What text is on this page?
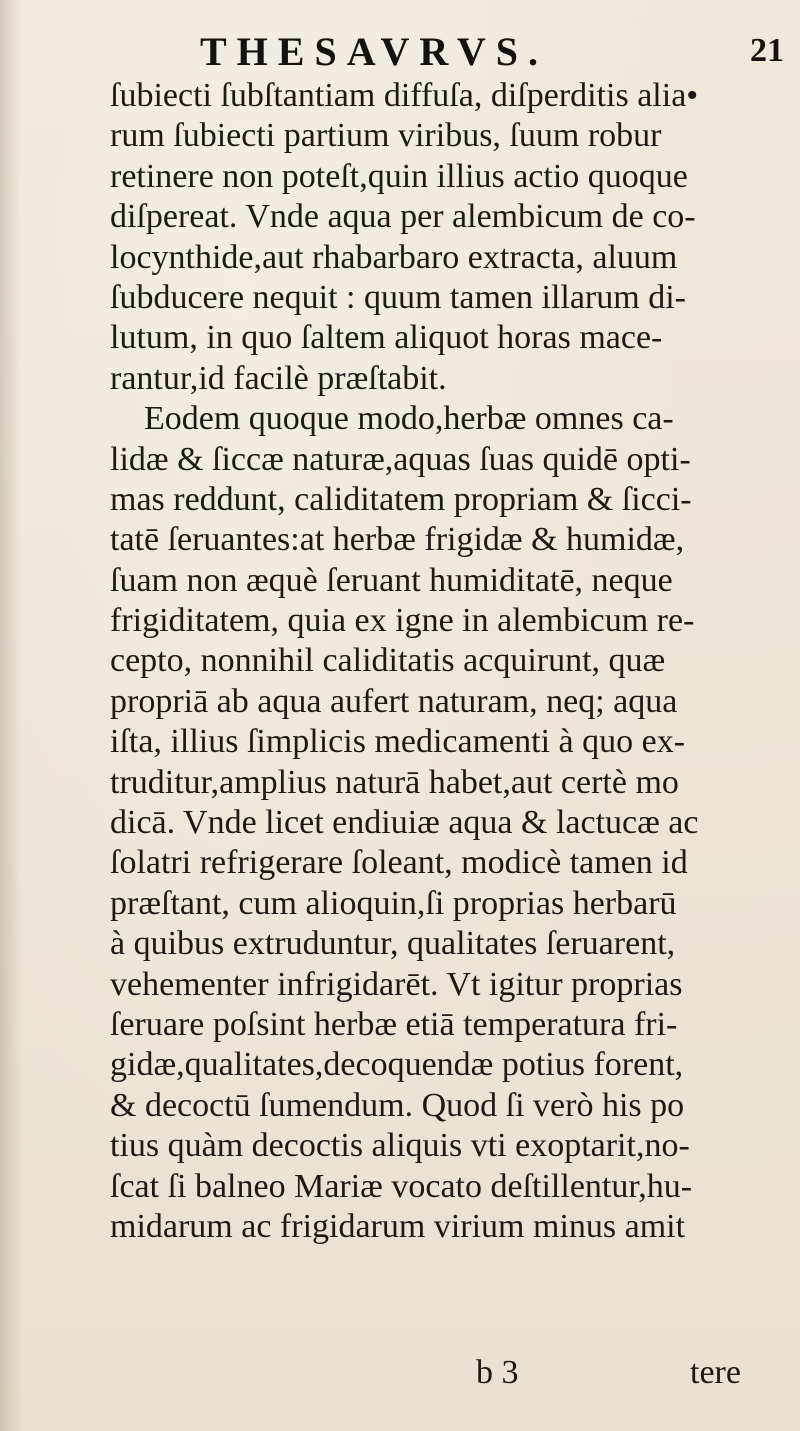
THESAVRVS.	21
ſubiecti ſubſtantiam diffuſa, diſperditis alia•
rum ſubiecti partium viribus, ſuum robur
retinere non poteſt,quin illius actio quoque
diſpereat. Vnde aqua per alembicum de co-
locynthide,aut rhabarbaro extracta, aluum
ſubducere nequit : quum tamen illarum di-
lutum, in quo ſaltem aliquot horas mace-
rantur,id facilè præſtabit.
Eodem quoque modo,herbæ omnes ca-
lidæ & ſiccæ naturæ,aquas ſuas quidē opti-
mas reddunt, caliditatem propriam & ſicci-
tatē ſeruantes:at herbæ frigidæ & humidæ,
ſuam non æquè ſeruant humiditatē, neque
frigiditatem, quia ex igne in alembicum re-
cepto, nonnihil caliditatis acquirunt, quæ
propriā ab aqua aufert naturam, neq; aqua
iſta, illius ſimplicis medicamenti à quo ex-
truditur,amplius naturā habet,aut certè mo
dicā. Vnde licet endiuiæ aqua & lactucæ ac
ſolatri refrigerare ſoleant, modicè tamen id
præſtant, cum alioquin,ſi proprias herbarū
à quibus extruduntur, qualitates ſeruarent,
vehementer infrigidarēt. Vt igitur proprias
ſeruare poſsint herbæ etiā temperatura fri-
gidæ,qualitates,decoquendæ potius forent,
& decoctū ſumendum. Quod ſi verò his po
tius quàm decoctis aliquis vti exoptarit,no-
ſcat ſi balneo Mariæ vocato deſtillentur,hu-
midarum ac frigidarum virium minus amit
b 3	tere
